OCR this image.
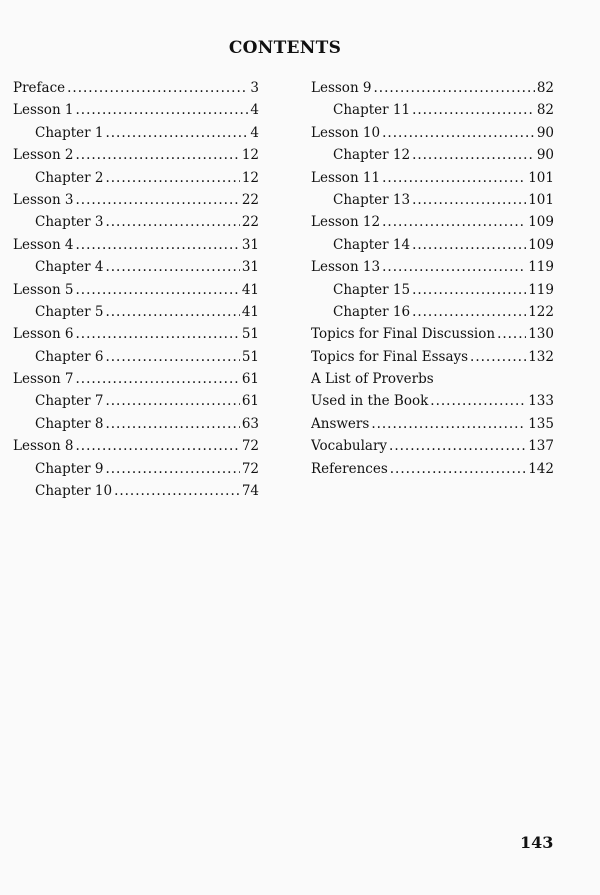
CONTENTS
Preface .....	3
Lesson 1 .....	4
Chapter 1 .....	4
Lesson 2 .....	12
Chapter 2 .....	12
Lesson 3 .....	22
Chapter 3 .....	22
Lesson 4 .....	31
Chapter 4 .....	31
Lesson 5 .....	41
Chapter 5 .....	41
Lesson 6 .....	51
Chapter 6 .....	51
Lesson 7 .....	61
Chapter 7 .....	61
Chapter 8 .....	63
Lesson 8 .....	72
Chapter 9 .....	72
Chapter 10 .....	74
Lesson 9 .....	82
Chapter 11 .....	82
Lesson 10 .....	90
Chapter 12 .....	90
Lesson 11 .....	101
Chapter 13 .....	101
Lesson 12 .....	109
Chapter 14 .....	109
Lesson 13 .....	119
Chapter 15 .....	119
Chapter 16 .....	122
Topics for Final Discussion ..... 130
Topics for Final Essays .....	132
A List of Proverbs
Used in the Book .....	133
Answers .....	135
Vocabulary .....	137
References .....	142
143
